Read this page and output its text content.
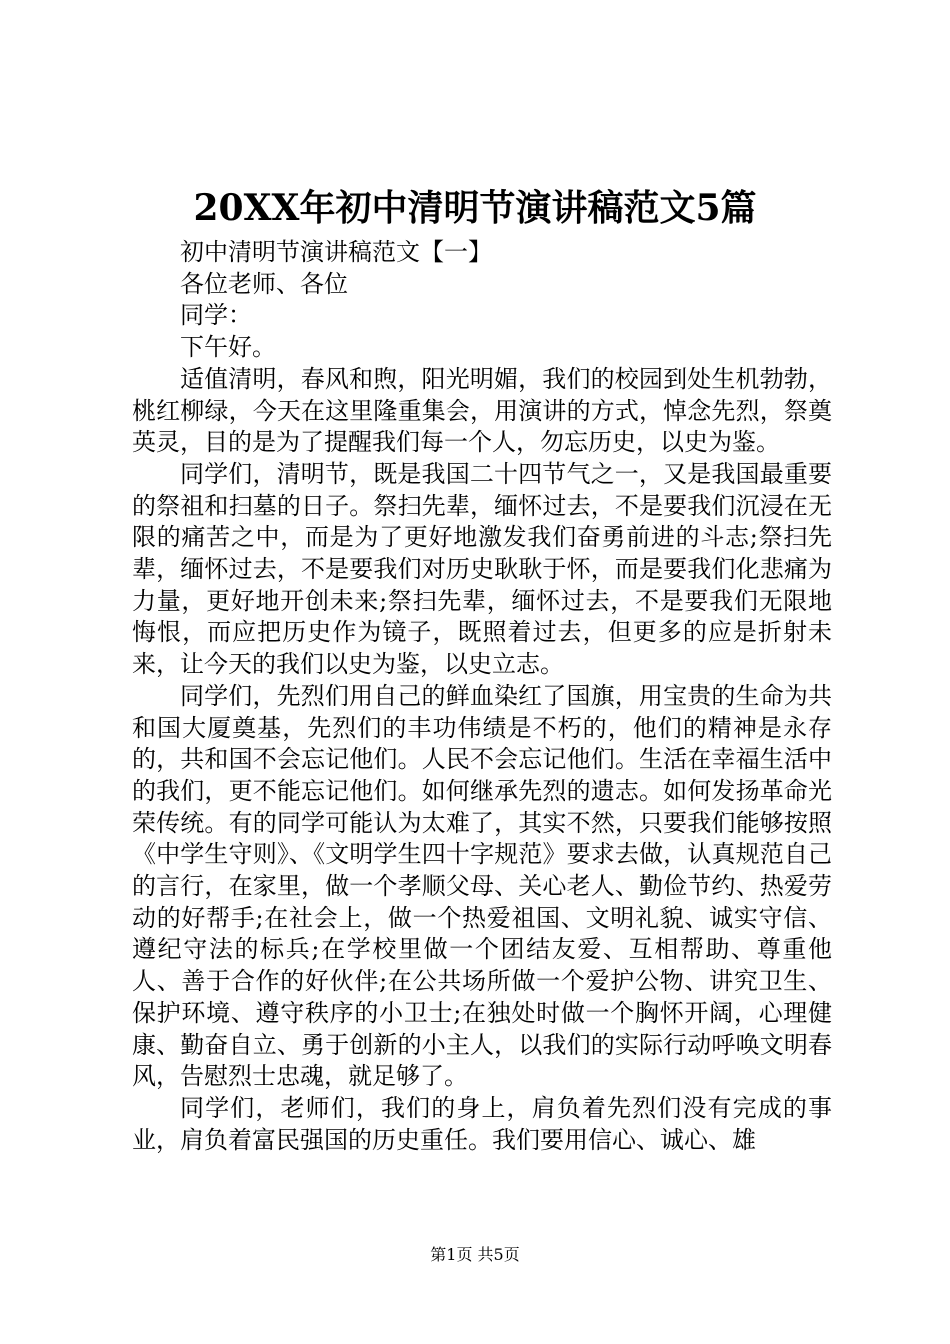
20XX年初中清明节演讲稿范文5篇

初中清明节演讲稿范文【一】

各位老师、各位

同学：

下午好。

适值清明，春风和煦，阳光明媚，我们的校园到处生机勃勃，桃红柳绿，今天在这里隆重集会，用演讲的方式，悼念先烈，祭奠英灵，目的是为了提醒我们每一个人，勿忘历史，以史为鉴。

同学们，清明节，既是我国二十四节气之一，又是我国最重要的祭祖和扫墓的日子。祭扫先辈，缅怀过去，不是要我们沉浸在无限的痛苦之中，而是为了更好地激发我们奋勇前进的斗志;祭扫先辈，缅怀过去，不是要我们对历史耿耿于怀，而是要我们化悲痛为力量，更好地开创未来;祭扫先辈，缅怀过去，不是要我们无限地悔恨，而应把历史作为镜子，既照着过去，但更多的应是折射未来，让今天的我们以史为鉴，以史立志。

同学们，先烈们用自己的鲜血染红了国旗，用宝贵的生命为共和国大厦奠基，先烈们的丰功伟绩是不朽的，他们的精神是永存的，共和国不会忘记他们。人民不会忘记他们。生活在幸福生活中的我们，更不能忘记他们。如何继承先烈的遗志。如何发扬革命光荣传统。有的同学可能认为太难了，其实不然，只要我们能够按照《中学生守则》、《文明学生四十字规范》要求去做，认真规范自己的言行，在家里，做一个孝顺父母、关心老人、勤俭节约、热爱劳动的好帮手;在社会上，做一个热爱祖国、文明礼貌、诚实守信、遵纪守法的标兵;在学校里做一个团结友爱、互相帮助、尊重他人、善于合作的好伙伴;在公共场所做一个爱护公物、讲究卫生、保护环境、遵守秩序的小卫士;在独处时做一个胸怀开阔，心理健康、勤奋自立、勇于创新的小主人，以我们的实际行动呼唤文明春风，告慰烈士忠魂，就足够了。

同学们，老师们，我们的身上，肩负着先烈们没有完成的事业，肩负着富民强国的历史重任。我们要用信心、诚心、雄

第1页 共5页
